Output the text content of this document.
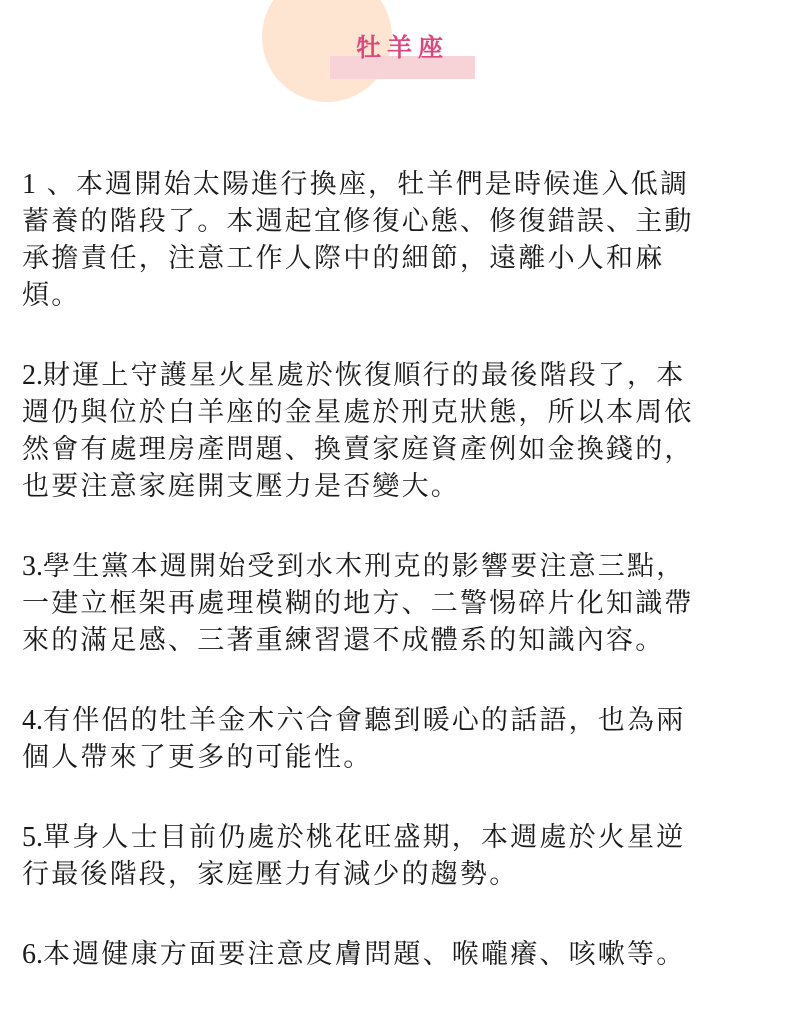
牡羊座

1 、本週開始太陽進行換座，牡羊們是時候進入低調
蓄養的階段了。本週起宜修復心態、修復錯誤、主動
承擔責任，注意工作人際中的細節，遠離小人和麻
煩。

2.財運上守護星火星處於恢復順行的最後階段了，本
週仍與位於白羊座的金星處於刑克狀態，所以本周依
然會有處理房產問題、換賣家庭資產例如金換錢的，
也要注意家庭開支壓力是否變大。

3.學生黨本週開始受到水木刑克的影響要注意三點，
一建立框架再處理模糊的地方、二警惕碎片化知識帶
來的滿足感、三著重練習還不成體系的知識內容。

4.有伴侶的牡羊金木六合會聽到暖心的話語，也為兩
個人帶來了更多的可能性。

5.單身人士目前仍處於桃花旺盛期，本週處於火星逆
行最後階段，家庭壓力有減少的趨勢。

6.本週健康方面要注意皮膚問題、喉嚨癢、咳嗽等。
